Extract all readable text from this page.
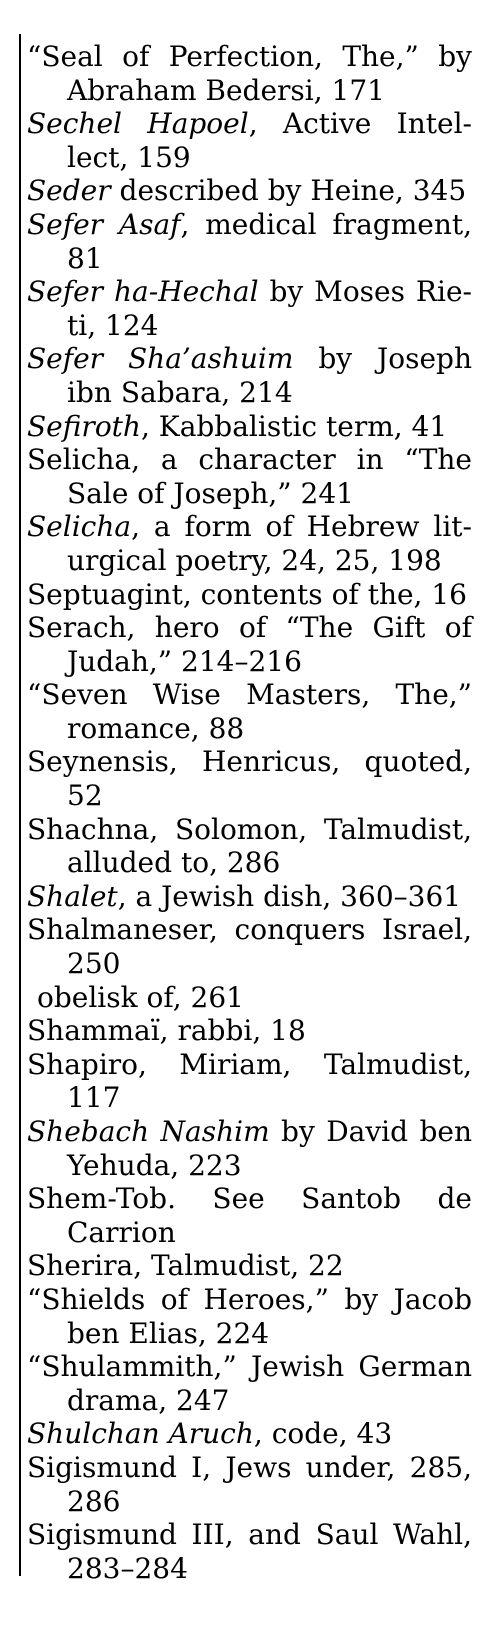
“Seal of Perfection, The,” by Abraham Bedersi, 171
Sechel Hapoel, Active Intellect, 159
Seder described by Heine, 345
Sefer Asaf, medical fragment, 81
Sefer ha-Hechal by Moses Rieti, 124
Sefer Sha’ashuim by Joseph ibn Sabara, 214
Sefiroth, Kabbalistic term, 41
Selicha, a character in “The Sale of Joseph,” 241
Selicha, a form of Hebrew liturgical poetry, 24, 25, 198
Septuagint, contents of the, 16
Serach, hero of “The Gift of Judah,” 214–216
“Seven Wise Masters, The,” romance, 88
Seynensis, Henricus, quoted, 52
Shachna, Solomon, Talmudist, alluded to, 286
Shalet, a Jewish dish, 360–361
Shalmaneser, conquers Israel, 250
obelisk of, 261
Shammaï, rabbi, 18
Shapiro, Miriam, Talmudist, 117
Shebach Nashim by David ben Yehuda, 223
Shem-Tob. See Santob de Carrion
Sherira, Talmudist, 22
“Shields of Heroes,” by Jacob ben Elias, 224
“Shulammith,” Jewish German drama, 247
Shulchan Aruch, code, 43
Sigismund I, Jews under, 285, 286
Sigismund III, and Saul Wahl, 283–284
